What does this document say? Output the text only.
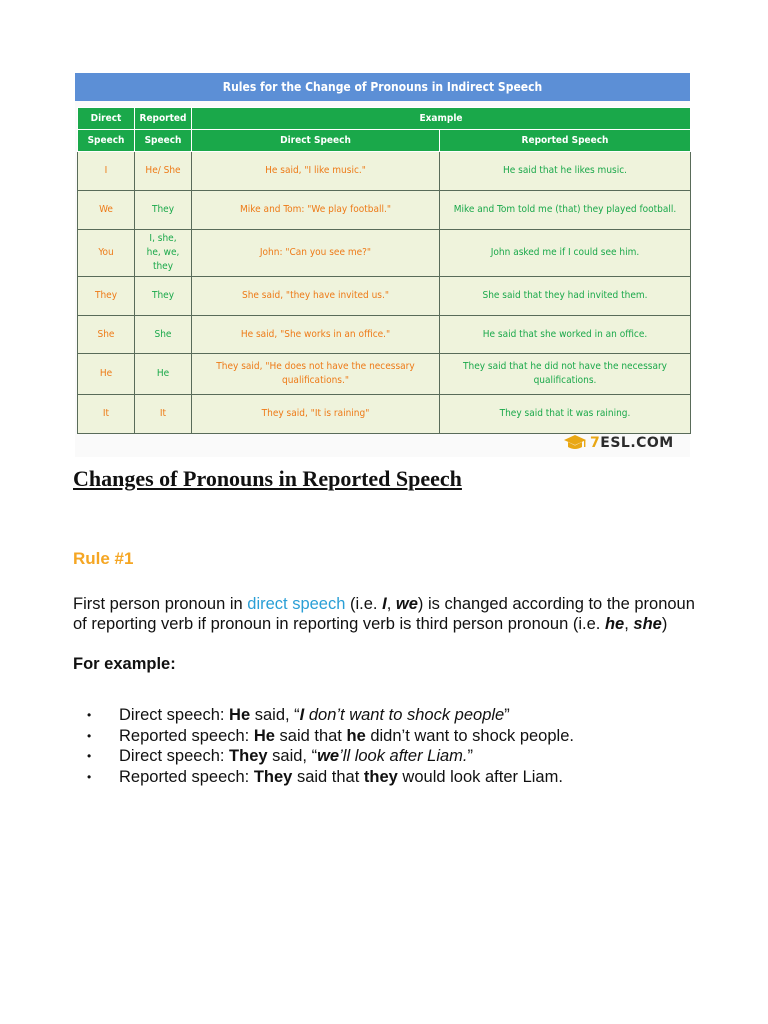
Rules for the Change of Pronouns in Indirect Speech
Direct	Reported	Example	
Speech	Speech	Direct Speech	Reported Speech
I	He/ She	He said, "I like music."	He said that he likes music.
We	They	Mike and Tom: "We play football."	Mike and Tom told me (that) they played football.
You	I, she, he, we, they	John: "Can you see me?"	John asked me if I could see him.
They	They	She said, "they have invited us."	She said that they had invited them.
She	She	He said, "She works in an office."	He said that she worked in an office.
He	He	They said, "He does not have the necessary qualifications."	They said that he did not have the necessary qualifications.
It	It	They said, "It is raining"	They said that it was raining.
7ESL.COM
Changes of Pronouns in Reported Speech
Rule #1

First person pronoun in direct speech (i.e. I, we) is changed according to the pronoun of reporting verb if pronoun in reporting verb is third person pronoun (i.e. he, she)

For example:

• Direct speech: He said, “I don’t want to shock people”
• Reported speech: He said that he didn’t want to shock people.
• Direct speech: They said, “we’ll look after Liam.”
• Reported speech: They said that they would look after Liam.
